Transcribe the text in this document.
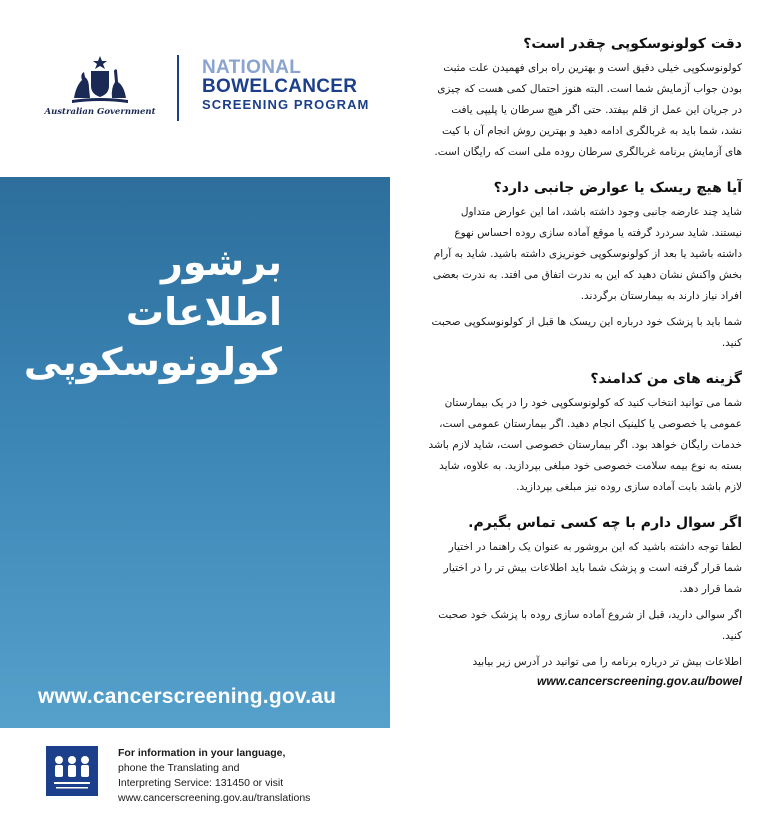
Australian Government
NATIONAL
BOWELCANCER
SCREENING PROGRAM
برشور
اطلاعات
کولونوسکوپی
www.cancerscreening.gov.au
For information in your language,
phone the Translating and
Interpreting Service: 131450 or visit
www.cancerscreening.gov.au/translations
دقت کولونوسکوپی چقدر است؟
کولونوسکوپی خیلی دقیق است و بهترین راه برای فهمیدن علت مثبت بودن جواب آزمایش شما است. البته هنوز احتمال کمی هست که چیزی در جریان این عمل از قلم بیفتد. حتی اگر هیچ سرطان یا پلیپی یافت نشد، شما باید به غربالگری ادامه دهید و بهترین روش انجام آن با کیت های آزمایش برنامه غربالگری سرطان روده ملی است که رایگان است.
آیا هیچ ریسک یا عوارض جانبی دارد؟
شاید چند عارضه جانبی وجود داشته باشد، اما این عوارض متداول نیستند. شاید سردرد گرفته یا موقع آماده سازی روده احساس نهوع داشته باشید یا بعد از کولونوسکوپی خونریزی داشته باشید. شاید به آرام بخش واکنش نشان دهید که این به ندرت اتفاق می افتد. به ندرت بعضی افراد نیاز دارند به بیمارستان برگردند.
شما باید با پزشک خود درباره این ریسک ها قبل از کولونوسکوپی صحبت کنید.
گزینه های من کدامند؟
شما می توانید انتخاب کنید که کولونوسکوپی خود را در یک بیمارستان عمومی یا خصوصی یا کلینیک انجام دهید. اگر بیمارستان عمومی است، خدمات رایگان خواهد بود. اگر بیمارستان خصوصی است، شاید لازم باشد بسته به نوع بیمه سلامت خصوصی خود مبلغی بپردازید. به علاوه، شاید لازم باشد بابت آماده سازی روده نیز مبلغی بپردازید.
اگر سوال دارم با چه کسی تماس بگیرم.
لطفا توجه داشته باشید که این بروشور به عنوان یک راهنما در اختیار شما قرار گرفته است و پزشک شما باید اطلاعات بیش تر را در اختیار شما قرار دهد.
اگر سوالی دارید، قبل از شروع آماده سازی روده با پزشک خود صحبت کنید.
اطلاعات بیش تر درباره برنامه را می توانید در آدرس زیر بیابید
www.cancerscreening.gov.au/bowel
